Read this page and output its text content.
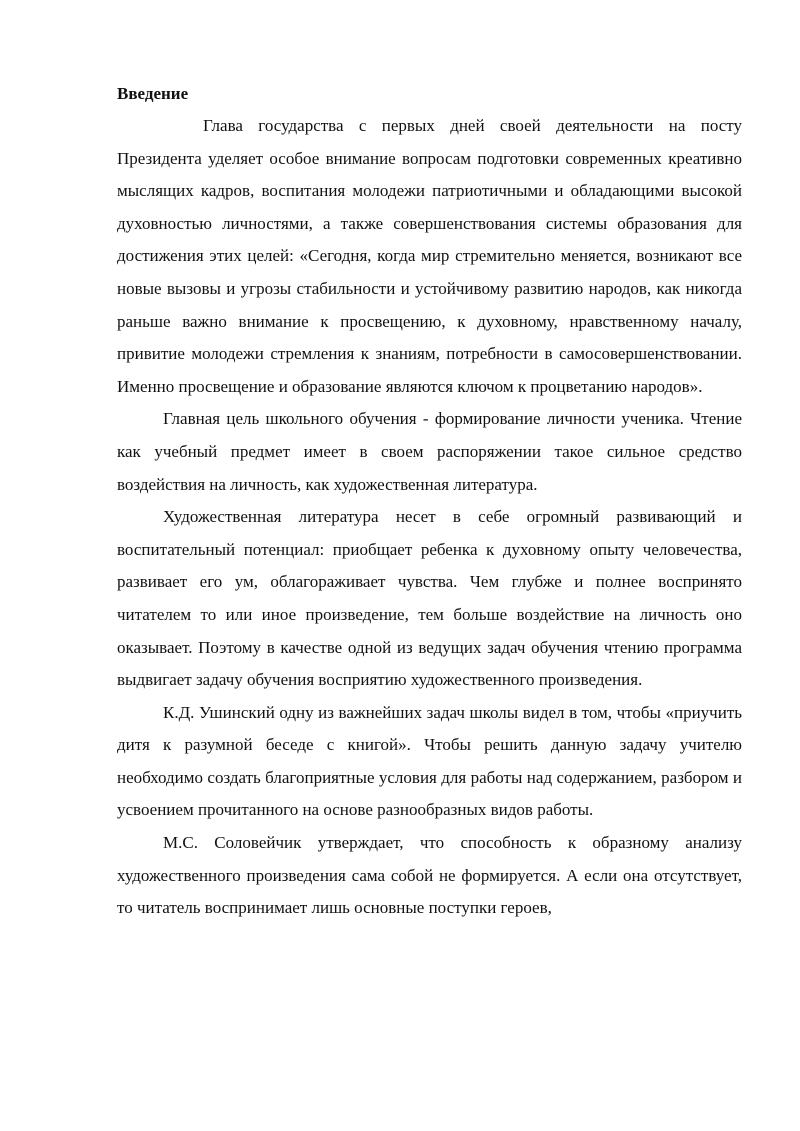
Введение

Глава государства с первых дней своей деятельности на посту Президента уделяет особое внимание вопросам подготовки современных креативно мыслящих кадров, воспитания молодежи патриотичными и обладающими высокой духовностью личностями, а также совершенствования системы образования для достижения этих целей: «Сегодня, когда мир стремительно меняется, возникают все новые вызовы и угрозы стабильности и устойчивому развитию народов, как никогда раньше важно внимание к просвещению, к духовному, нравственному началу, привитие молодежи стремления к знаниям, потребности в самосовершенствовании. Именно просвещение и образование являются ключом к процветанию народов».

Главная цель школьного обучения - формирование личности ученика. Чтение как учебный предмет имеет в своем распоряжении такое сильное средство воздействия на личность, как художественная литература.

Художественная литература несет в себе огромный развивающий и воспитательный потенциал: приобщает ребенка к духовному опыту человечества, развивает его ум, облагораживает чувства. Чем глубже и полнее воспринято читателем то или иное произведение, тем больше воздействие на личность оно оказывает. Поэтому в качестве одной из ведущих задач обучения чтению программа выдвигает задачу обучения восприятию художественного произведения.

К.Д. Ушинский одну из важнейших задач школы видел в том, чтобы «приучить дитя к разумной беседе с книгой». Чтобы решить данную задачу учителю необходимо создать благоприятные условия для работы над содержанием, разбором и усвоением прочитанного на основе разнообразных видов работы.

М.С. Соловейчик утверждает, что способность к образному анализу художественного произведения сама собой не формируется. А если она отсутствует, то читатель воспринимает лишь основные поступки героев,
